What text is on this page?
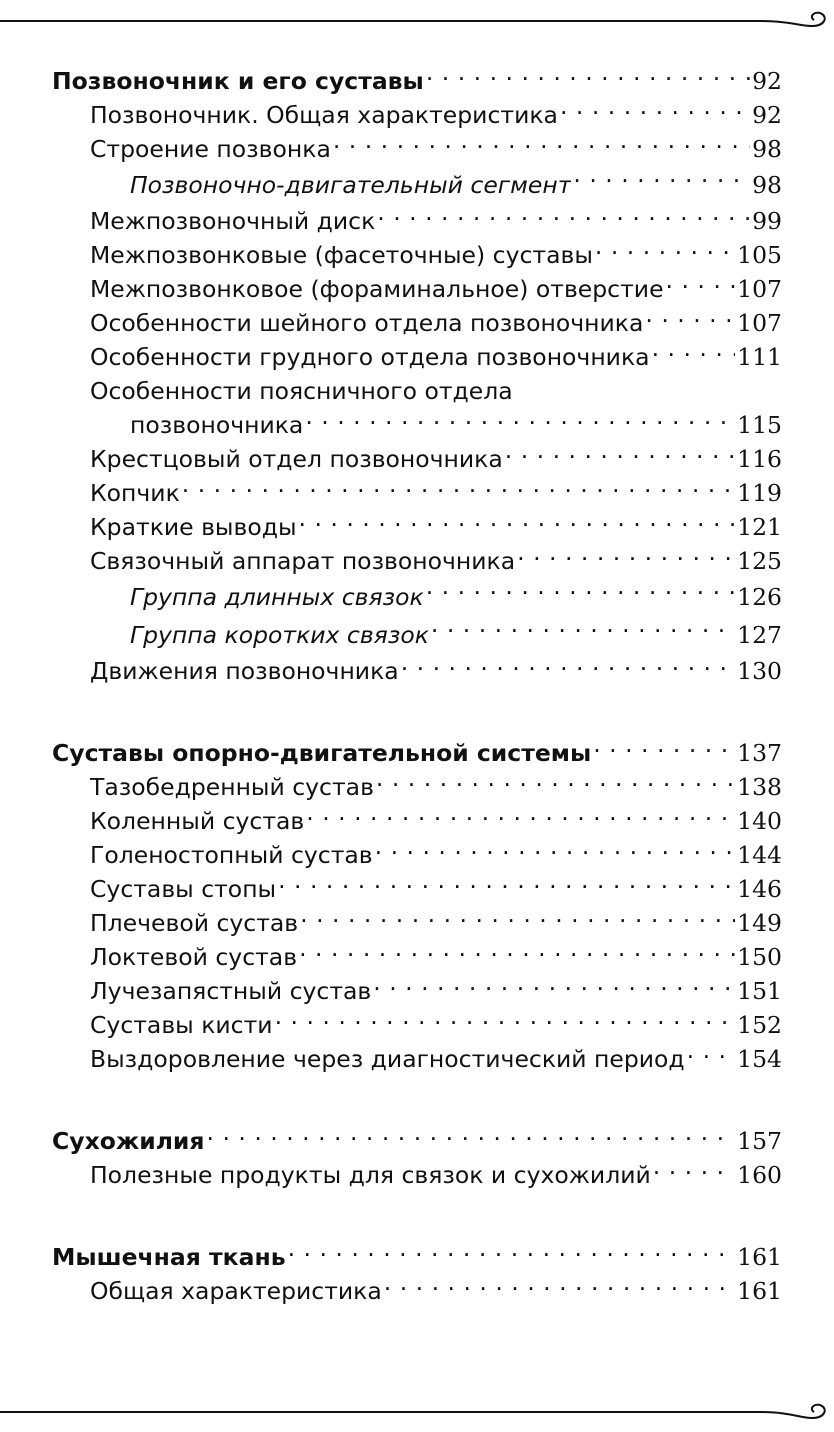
Позвоночник и его суставы . . .	92
Позвоночник. Общая характеристика . . .	92
Строение позвонка . . .	98
Позвоночно-двигательный сегмент . . .	98
Межпозвоночный диск . . .	99
Межпозвонковые (фасеточные) суставы . . .	105
Межпозвонковое (фораминальное) отверстие . . .	107
Особенности шейного отдела позвоночника . . .	107
Особенности грудного отдела позвоночника . . .	111
Особенности поясничного отдела
позвоночника . . .	115
Крестцовый отдел позвоночника . . .	116
Копчик . . .	119
Краткие выводы . . .	121
Связочный аппарат позвоночника . . .	125
Группа длинных связок . . .	126
Группа коротких связок . . .	127
Движения позвоночника . . .	130
Суставы опорно-двигательной системы . . .	137
Тазобедренный сустав . . .	138
Коленный сустав . . .	140
Голеностопный сустав . . .	144
Суставы стопы . . .	146
Плечевой сустав . . .	149
Локтевой сустав . . .	150
Лучезапястный сустав . . .	151
Суставы кисти . . .	152
Выздоровление через диагностический период . . . 154
Сухожилия . . .	157
Полезные продукты для связок и сухожилий . . .	160
Мышечная ткань . . .	161
Общая характеристика . . .	161
